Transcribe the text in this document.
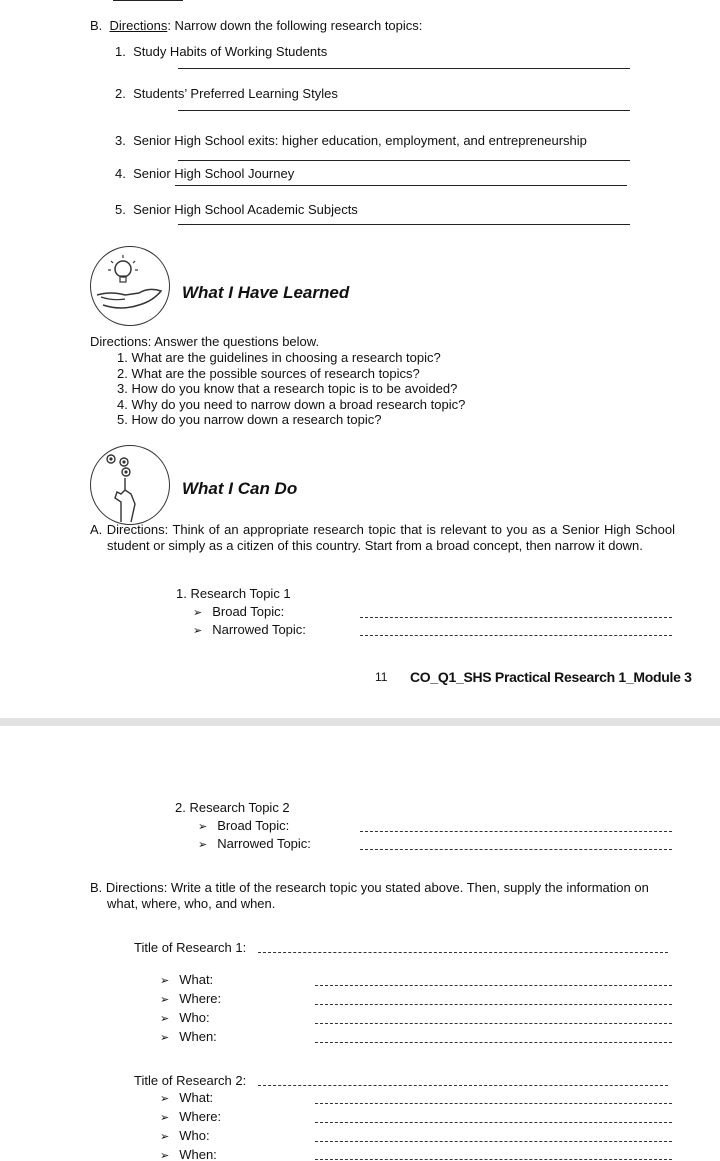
B. Directions: Narrow down the following research topics:
1. Study Habits of Working Students
2. Students’ Preferred Learning Styles
3. Senior High School exits: higher education, employment, and entrepreneurship
4. Senior High School Journey
5. Senior High School Academic Subjects
What I Have Learned
Directions: Answer the questions below.
1. What are the guidelines in choosing a research topic?
2. What are the possible sources of research topics?
3. How do you know that a research topic is to be avoided?
4. Why do you need to narrow down a broad research topic?
5. How do you narrow down a research topic?
What I Can Do
A. Directions: Think of an appropriate research topic that is relevant to you as a Senior High School student or simply as a citizen of this country. Start from a broad concept, then narrow it down.
1. Research Topic 1
➢ Broad Topic:
➢ Narrowed Topic:
11 CO_Q1_SHS Practical Research 1_Module 3
2. Research Topic 2
➢ Broad Topic:
➢ Narrowed Topic:
B. Directions: Write a title of the research topic you stated above. Then, supply the information on what, where, who, and when.
Title of Research 1:
➢ What:
➢ Where:
➢ Who:
➢ When:
Title of Research 2:
➢ What:
➢ Where:
➢ Who:
➢ When:
